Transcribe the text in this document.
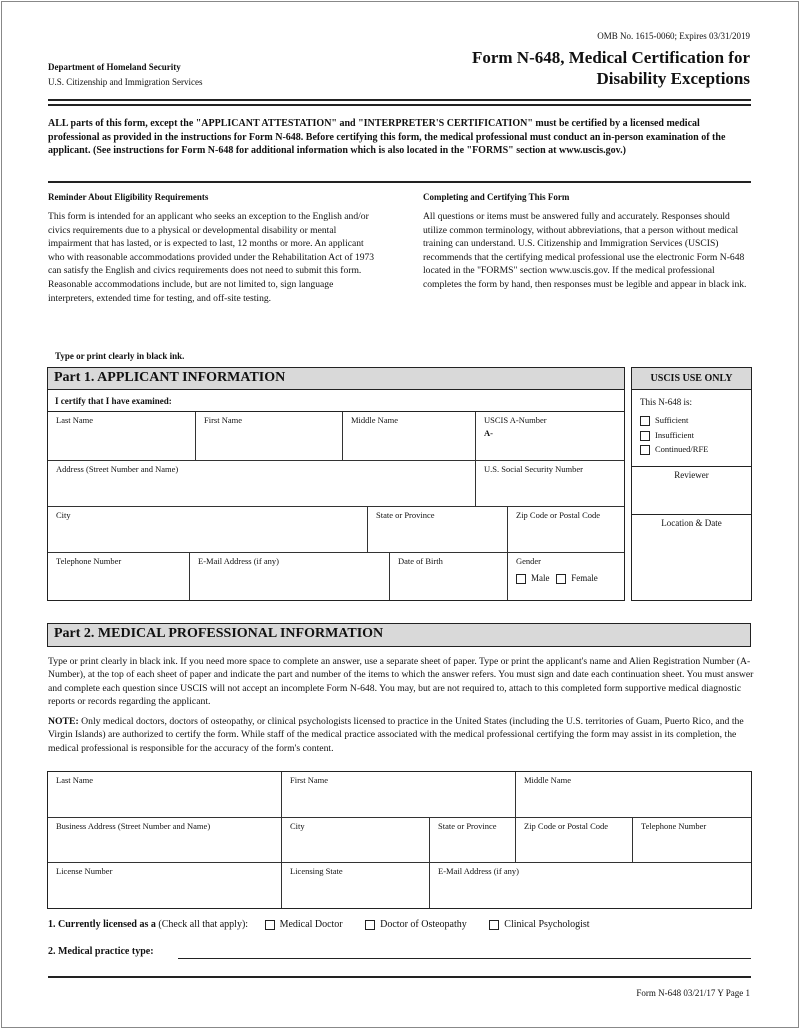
OMB No. 1615-0060; Expires 03/31/2019
Form N-648, Medical Certification for
Disability Exceptions
Department of Homeland Security
U.S. Citizenship and Immigration Services
ALL parts of this form, except the "APPLICANT ATTESTATION" and "INTERPRETER'S CERTIFICATION" must be certified by a licensed medical professional as provided in the instructions for Form N-648. Before certifying this form, the medical professional must conduct an in-person examination of the applicant. (See instructions for Form N-648 for additional information which is also located in the "FORMS" section at www.uscis.gov.)
Reminder About Eligibility Requirements
This form is intended for an applicant who seeks an exception to the English and/or civics requirements due to a physical or developmental disability or mental impairment that has lasted, or is expected to last, 12 months or more. An applicant who with reasonable accommodations provided under the Rehabilitation Act of 1973 can satisfy the English and civics requirements does not need to submit this form. Reasonable accommodations include, but are not limited to, sign language interpreters, extended time for testing, and off-site testing.
Completing and Certifying This Form
All questions or items must be answered fully and accurately. Responses should utilize common terminology, without abbreviations, that a person without medical training can understand. U.S. Citizenship and Immigration Services (USCIS) recommends that the certifying medical professional use the electronic Form N-648 located in the "FORMS" section www.uscis.gov. If the medical professional completes the form by hand, then responses must be legible and appear in black ink.
Type or print clearly in black ink.
Part 1. APPLICANT INFORMATION
I certify that I have examined:
Last Name	First Name	Middle Name	USCIS A-Number
A-
Address (Street Number and Name)	U.S. Social Security Number
City	State or Province	Zip Code or Postal Code
Telephone Number	E-Mail Address (if any)	Date of Birth	Gender
Male Female
USCIS USE ONLY
This N-648 is:
Sufficient
Insufficient
Continued/RFE
Reviewer
Location & Date
Part 2. MEDICAL PROFESSIONAL INFORMATION
Type or print clearly in black ink. If you need more space to complete an answer, use a separate sheet of paper. Type or print the applicant's name and Alien Registration Number (A-Number), at the top of each sheet of paper and indicate the part and number of the items to which the answer refers. You must sign and date each continuation sheet. You must answer and complete each question since USCIS will not accept an incomplete Form N-648. You may, but are not required to, attach to this completed form supportive medical diagnostic reports or records regarding the applicant.
NOTE: Only medical doctors, doctors of osteopathy, or clinical psychologists licensed to practice in the United States (including the U.S. territories of Guam, Puerto Rico, and the Virgin Islands) are authorized to certify the form. While staff of the medical practice associated with the medical professional certifying the form may assist in its completion, the medical professional is responsible for the accuracy of the form's content.
Last Name	First Name	Middle Name
Business Address (Street Number and Name)	City	State or Province	Zip Code or Postal Code	Telephone Number
License Number	Licensing State	E-Mail Address (if any)
1. Currently licensed as a (Check all that apply):	Medical Doctor	Doctor of Osteopathy	Clinical Psychologist
2. Medical practice type:
Form N-648 03/21/17 Y Page 1
